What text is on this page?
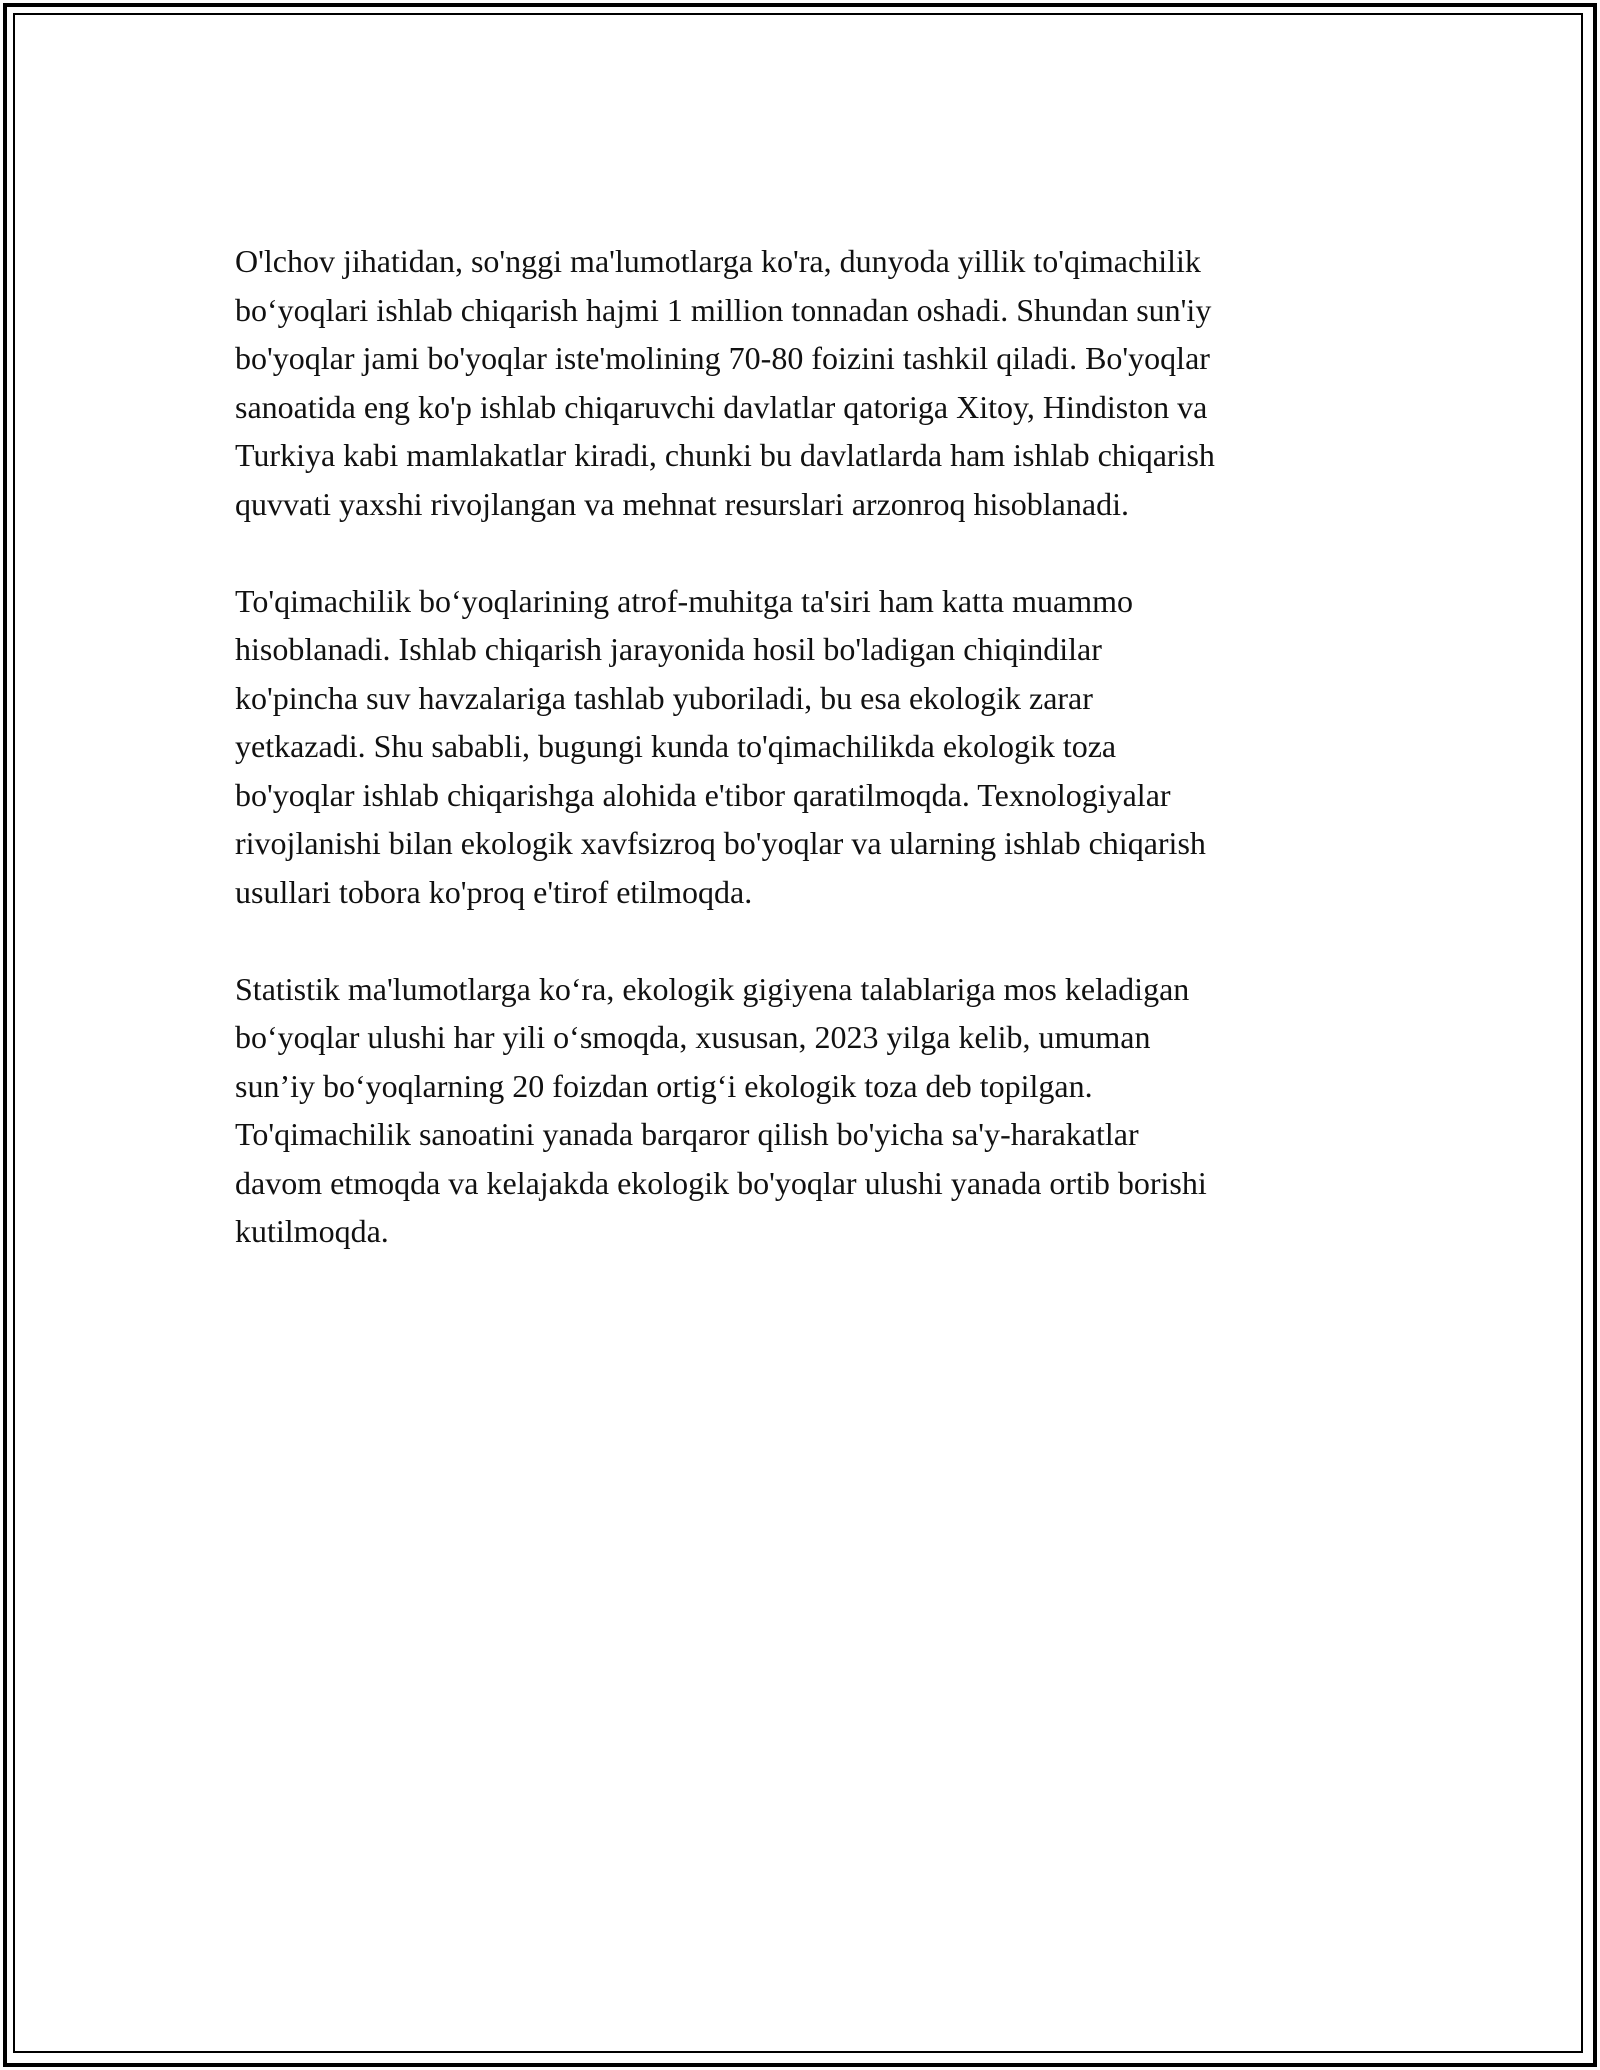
O'lchov jihatidan, so'nggi ma'lumotlarga ko'ra, dunyoda yillik to'qimachilik
bo‘yoqlari ishlab chiqarish hajmi 1 million tonnadan oshadi. Shundan sun'iy
bo'yoqlar jami bo'yoqlar iste'molining 70-80 foizini tashkil qiladi. Bo'yoqlar
sanoatida eng ko'p ishlab chiqaruvchi davlatlar qatoriga Xitoy, Hindiston va
Turkiya kabi mamlakatlar kiradi, chunki bu davlatlarda ham ishlab chiqarish
quvvati yaxshi rivojlangan va mehnat resurslari arzonroq hisoblanadi.

To'qimachilik bo‘yoqlarining atrof-muhitga ta'siri ham katta muammo
hisoblanadi. Ishlab chiqarish jarayonida hosil bo'ladigan chiqindilar
ko'pincha suv havzalariga tashlab yuboriladi, bu esa ekologik zarar
yetkazadi. Shu sababli, bugungi kunda to'qimachilikda ekologik toza
bo'yoqlar ishlab chiqarishga alohida e'tibor qaratilmoqda. Texnologiyalar
rivojlanishi bilan ekologik xavfsizroq bo'yoqlar va ularning ishlab chiqarish
usullari tobora ko'proq e'tirof etilmoqda.

Statistik ma'lumotlarga ko‘ra, ekologik gigiyena talablariga mos keladigan
bo‘yoqlar ulushi har yili o‘smoqda, xususan, 2023 yilga kelib, umuman
sun’iy bo‘yoqlarning 20 foizdan ortig‘i ekologik toza deb topilgan.
To'qimachilik sanoatini yanada barqaror qilish bo'yicha sa'y-harakatlar
davom etmoqda va kelajakda ekologik bo'yoqlar ulushi yanada ortib borishi
kutilmoqda.
